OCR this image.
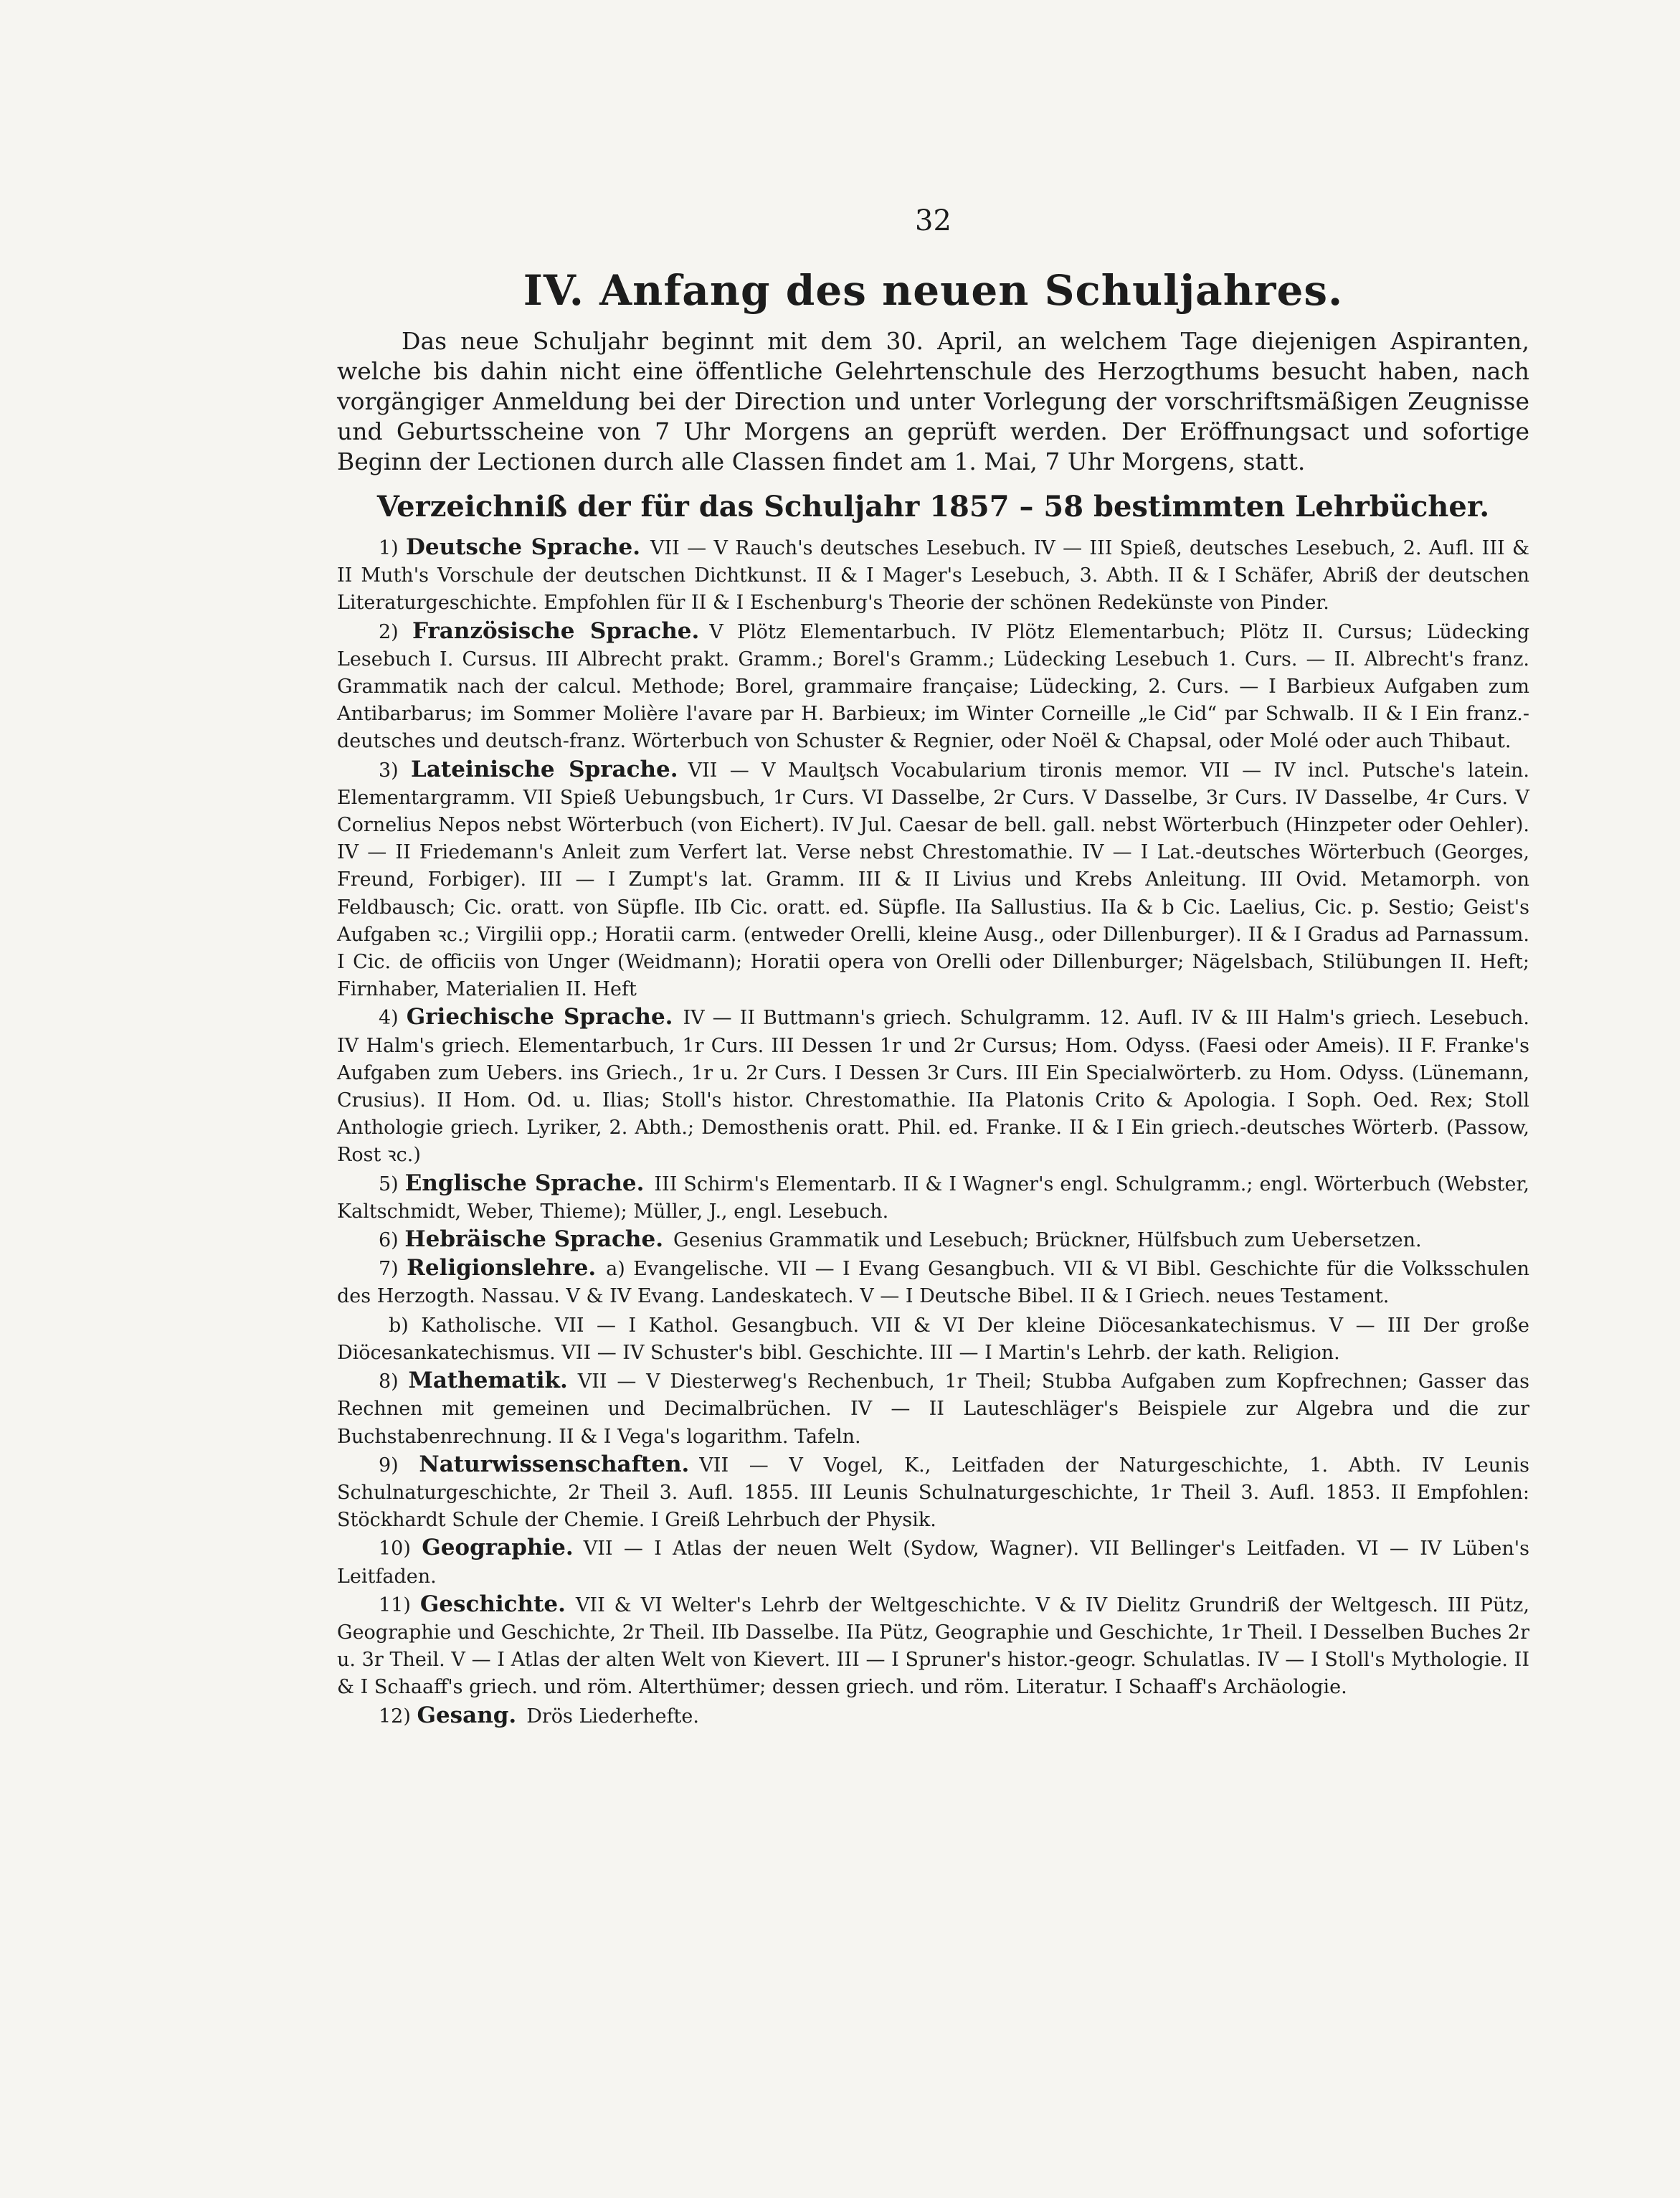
32
IV. Anfang des neuen Schuljahres.

Das neue Schuljahr beginnt mit dem 30. April, an welchem Tage diejenigen Aspiranten, welche bis dahin nicht eine öffentliche Gelehrtenschule des Herzogthums besucht haben, nach vorgängiger Anmeldung bei der Direction und unter Vorlegung der vorschriftsmäßigen Zeugnisse und Geburtsscheine von 7 Uhr Morgens an geprüft werden. Der Eröffnungsact und sofortige Beginn der Lectionen durch alle Classen findet am 1. Mai, 7 Uhr Morgens, statt.

Verzeichniß der für das Schuljahr 1857 – 58 bestimmten Lehrbücher.

1) Deutsche Sprache. VII — V Rauch's deutsches Lesebuch. IV — III Spieß, deutsches Lesebuch, 2. Aufl. III & II Muth's Vorschule der deutschen Dichtkunst. II & I Mager's Lesebuch, 3. Abth. II & I Schäfer, Abriß der deutschen Literaturgeschichte. Empfohlen für II & I Eschenburg's Theorie der schönen Redekünste von Pinder.

2) Französische Sprache. V Plötz Elementarbuch. IV Plötz Elementarbuch; Plötz II. Cursus; Lüdecking Lesebuch I. Cursus. III Albrecht prakt. Gramm.; Borel's Gramm.; Lüdecking Lesebuch 1. Curs. — II. Albrecht's franz. Grammatik nach der calcul. Methode; Borel, grammaire française; Lüdecking, 2. Curs. — I Barbieux Aufgaben zum Antibarbarus; im Sommer Molière l'avare par H. Barbieux; im Winter Corneille „le Cid“ par Schwalb. II & I Ein franz.-deutsches und deutsch-franz. Wörterbuch von Schuster & Regnier, oder Noël & Chapsal, oder Molé oder auch Thibaut.

3) Lateinische Sprache. VII — V Maulţsch Vocabularium tironis memor. VII — IV incl. Putsche's latein. Elementargramm. VII Spieß Uebungsbuch, 1r Curs. VI Dasselbe, 2r Curs. V Dasselbe, 3r Curs. IV Dasselbe, 4r Curs. V Cornelius Nepos nebst Wörterbuch (von Eichert). IV Jul. Caesar de bell. gall. nebst Wörterbuch (Hinzpeter oder Oehler). IV — II Friedemann's Anleit zum Verfert lat. Verse nebst Chrestomathie. IV — I Lat.-deutsches Wörterbuch (Georges, Freund, Forbiger). III — I Zumpt's lat. Gramm. III & II Livius und Krebs Anleitung. III Ovid. Metamorph. von Feldbausch; Cic. oratt. von Süpfle. IIb Cic. oratt. ed. Süpfle. IIa Sallustius. IIa & b Cic. Laelius, Cic. p. Sestio; Geist's Aufgaben ꝛc.; Virgilii opp.; Horatii carm. (entweder Orelli, kleine Ausg., oder Dillenburger). II & I Gradus ad Parnassum. I Cic. de officiis von Unger (Weidmann); Horatii opera von Orelli oder Dillenburger; Nägelsbach, Stilübungen II. Heft; Firnhaber, Materialien II. Heft

4) Griechische Sprache. IV — II Buttmann's griech. Schulgramm. 12. Aufl. IV & III Halm's griech. Lesebuch. IV Halm's griech. Elementarbuch, 1r Curs. III Dessen 1r und 2r Cursus; Hom. Odyss. (Faesi oder Ameis). II F. Franke's Aufgaben zum Uebers. ins Griech., 1r u. 2r Curs. I Dessen 3r Curs. III Ein Specialwörterb. zu Hom. Odyss. (Lünemann, Crusius). II Hom. Od. u. Ilias; Stoll's histor. Chrestomathie. IIa Platonis Crito & Apologia. I Soph. Oed. Rex; Stoll Anthologie griech. Lyriker, 2. Abth.; Demosthenis oratt. Phil. ed. Franke. II & I Ein griech.-deutsches Wörterb. (Passow, Rost ꝛc.)

5) Englische Sprache. III Schirm's Elementarb. II & I Wagner's engl. Schulgramm.; engl. Wörterbuch (Webster, Kaltschmidt, Weber, Thieme); Müller, J., engl. Lesebuch.

6) Hebräische Sprache. Gesenius Grammatik und Lesebuch; Brückner, Hülfsbuch zum Uebersetzen.

7) Religionslehre. a) Evangelische. VII — I Evang Gesangbuch. VII & VI Bibl. Geschichte für die Volksschulen des Herzogth. Nassau. V & IV Evang. Landeskatech. V — I Deutsche Bibel. II & I Griech. neues Testament.

b) Katholische. VII — I Kathol. Gesangbuch. VII & VI Der kleine Diöcesankatechismus. V — III Der große Diöcesankatechismus. VII — IV Schuster's bibl. Geschichte. III — I Martin's Lehrb. der kath. Religion.

8) Mathematik. VII — V Diesterweg's Rechenbuch, 1r Theil; Stubba Aufgaben zum Kopfrechnen; Gasser das Rechnen mit gemeinen und Decimalbrüchen. IV — II Lauteschläger's Beispiele zur Algebra und die zur Buchstabenrechnung. II & I Vega's logarithm. Tafeln.

9) Naturwissenschaften. VII — V Vogel, K., Leitfaden der Naturgeschichte, 1. Abth. IV Leunis Schulnaturgeschichte, 2r Theil 3. Aufl. 1855. III Leunis Schulnaturgeschichte, 1r Theil 3. Aufl. 1853. II Empfohlen: Stöckhardt Schule der Chemie. I Greiß Lehrbuch der Physik.

10) Geographie. VII — I Atlas der neuen Welt (Sydow, Wagner). VII Bellinger's Leitfaden. VI — IV Lüben's Leitfaden.

11) Geschichte. VII & VI Welter's Lehrb der Weltgeschichte. V & IV Dielitz Grundriß der Weltgesch. III Pütz, Geographie und Geschichte, 2r Theil. IIb Dasselbe. IIa Pütz, Geographie und Geschichte, 1r Theil. I Desselben Buches 2r u. 3r Theil. V — I Atlas der alten Welt von Kievert. III — I Spruner's histor.-geogr. Schulatlas. IV — I Stoll's Mythologie. II & I Schaaff's griech. und röm. Alterthümer; dessen griech. und röm. Literatur. I Schaaff's Archäologie.

12) Gesang. Drös Liederhefte.
